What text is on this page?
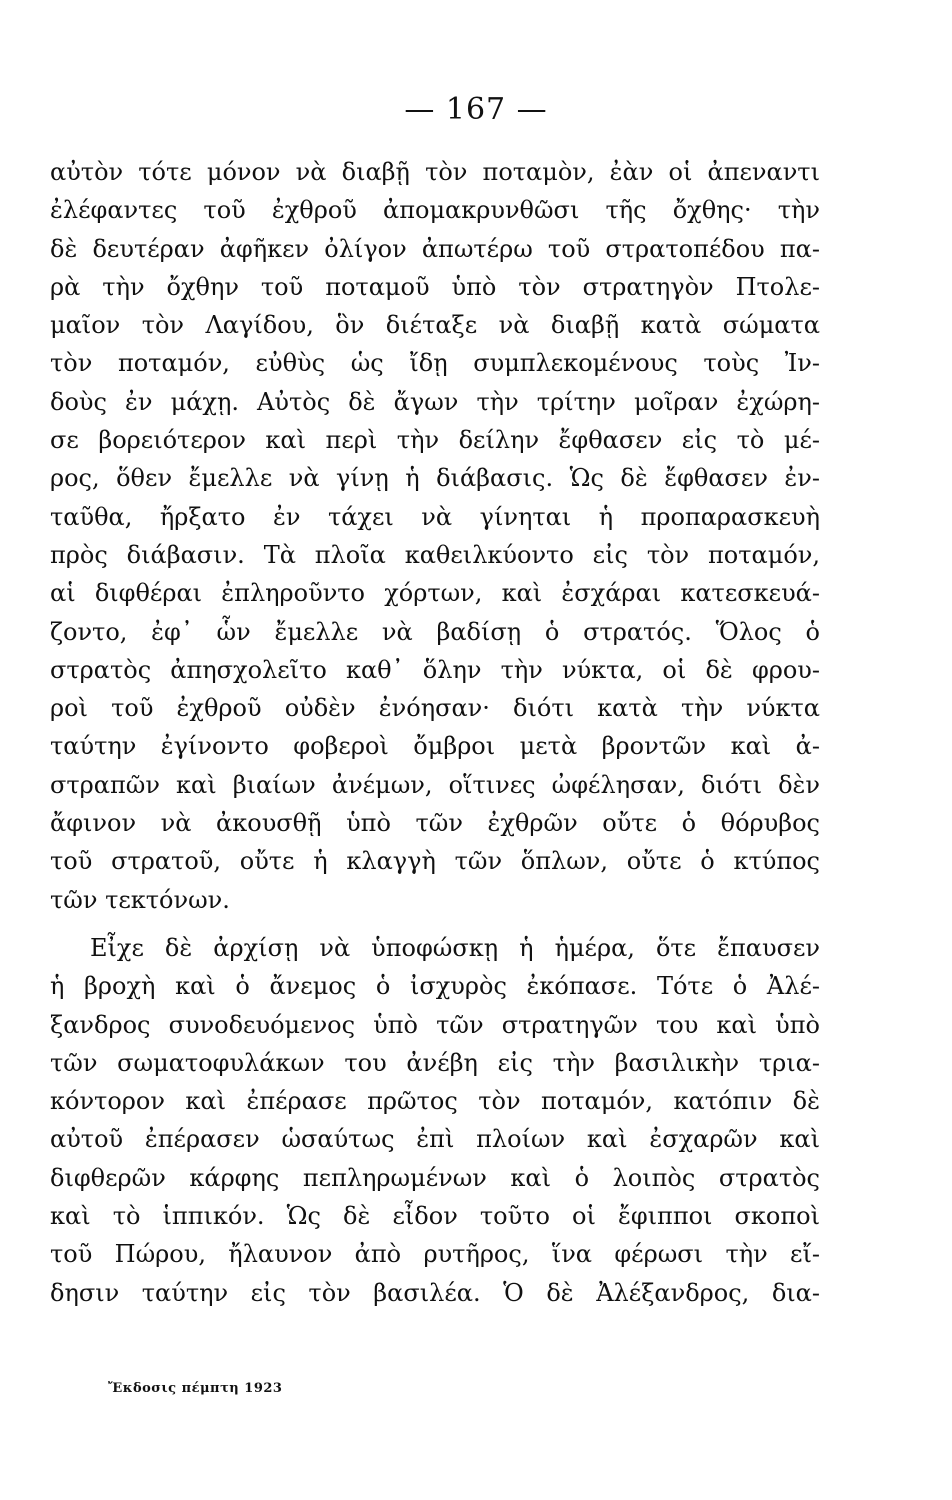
— 167 —
αὐτὸν τότε μόνον νὰ διαβῇ τὸν ποταμὸν, ἐὰν οἱ ἀπεναντι
ἐλέφαντες τοῦ ἐχθροῦ ἀπομακρυνθῶσι τῆς ὄχθης· τὴν
δὲ δευτέραν ἀφῆκεν ὀλίγον ἀπωτέρω τοῦ στρατοπέδου πα-
ρὰ τὴν ὄχθην τοῦ ποταμοῦ ὑπὸ τὸν στρατηγὸν Πτολε-
μαῖον τὸν Λαγίδου, ὃν διέταξε νὰ διαβῇ κατὰ σώματα
τὸν ποταμόν, εὐθὺς ὡς ἴδῃ συμπλεκομένους τοὺς Ἰν-
δοὺς ἐν μάχῃ. Αὐτὸς δὲ ἄγων τὴν τρίτην μοῖραν ἐχώρη-
σε βορειότερον καὶ περὶ τὴν δείλην ἔφθασεν εἰς τὸ μέ-
ρος, ὅθεν ἔμελλε νὰ γίνῃ ἡ διάβασις. Ὡς δὲ ἔφθασεν ἐν-
ταῦθα, ἤρξατο ἐν τάχει νὰ γίνηται ἡ προπαρασκευὴ
πρὸς διάβασιν. Τὰ πλοῖα καθειλκύοντο εἰς τὸν ποταμόν,
αἱ διφθέραι ἐπληροῦντο χόρτων, καὶ ἐσχάραι κατεσκευά-
ζοντο, ἐφ᾿ ὧν ἔμελλε νὰ βαδίσῃ ὁ στρατός. Ὅλος ὁ
στρατὸς ἀπησχολεῖτο καθ᾿ ὅλην τὴν νύκτα, οἱ δὲ φρου-
ροὶ τοῦ ἐχθροῦ οὐδὲν ἐνόησαν· διότι κατὰ τὴν νύκτα
ταύτην ἐγίνοντο φοβεροὶ ὄμβροι μετὰ βροντῶν καὶ ἀ-
στραπῶν καὶ βιαίων ἀνέμων, οἵτινες ὠφέλησαν, διότι δὲν
ἄφινον νὰ ἀκουσθῇ ὑπὸ τῶν ἐχθρῶν οὔτε ὁ θόρυβος
τοῦ στρατοῦ, οὔτε ἡ κλαγγὴ τῶν ὅπλων, οὔτε ὁ κτύπος
τῶν τεκτόνων.
Εἶχε δὲ ἀρχίσῃ νὰ ὑποφώσκῃ ἡ ἡμέρα, ὅτε ἔπαυσεν
ἡ βροχὴ καὶ ὁ ἄνεμος ὁ ἰσχυρὸς ἐκόπασε. Τότε ὁ Ἀλέ-
ξανδρος συνοδευόμενος ὑπὸ τῶν στρατηγῶν του καὶ ὑπὸ
τῶν σωματοφυλάκων του ἀνέβη εἰς τὴν βασιλικὴν τρια-
κόντορον καὶ ἐπέρασε πρῶτος τὸν ποταμόν, κατόπιν δὲ
αὐτοῦ ἐπέρασεν ὡσαύτως ἐπὶ πλοίων καὶ ἐσχαρῶν καὶ
διφθερῶν κάρφης πεπληρωμένων καὶ ὁ λοιπὸς στρατὸς
καὶ τὸ ἱππικόν. Ὡς δὲ εἶδον τοῦτο οἱ ἔφιπποι σκοποὶ
τοῦ Πώρου, ἤλαυνον ἀπὸ ρυτῆρος, ἵνα φέρωσι τὴν εἴ-
δησιν ταύτην εἰς τὸν βασιλέα. Ὁ δὲ Ἀλέξανδρος, δια-
Ἔκδοσις πέμπτη 1923
